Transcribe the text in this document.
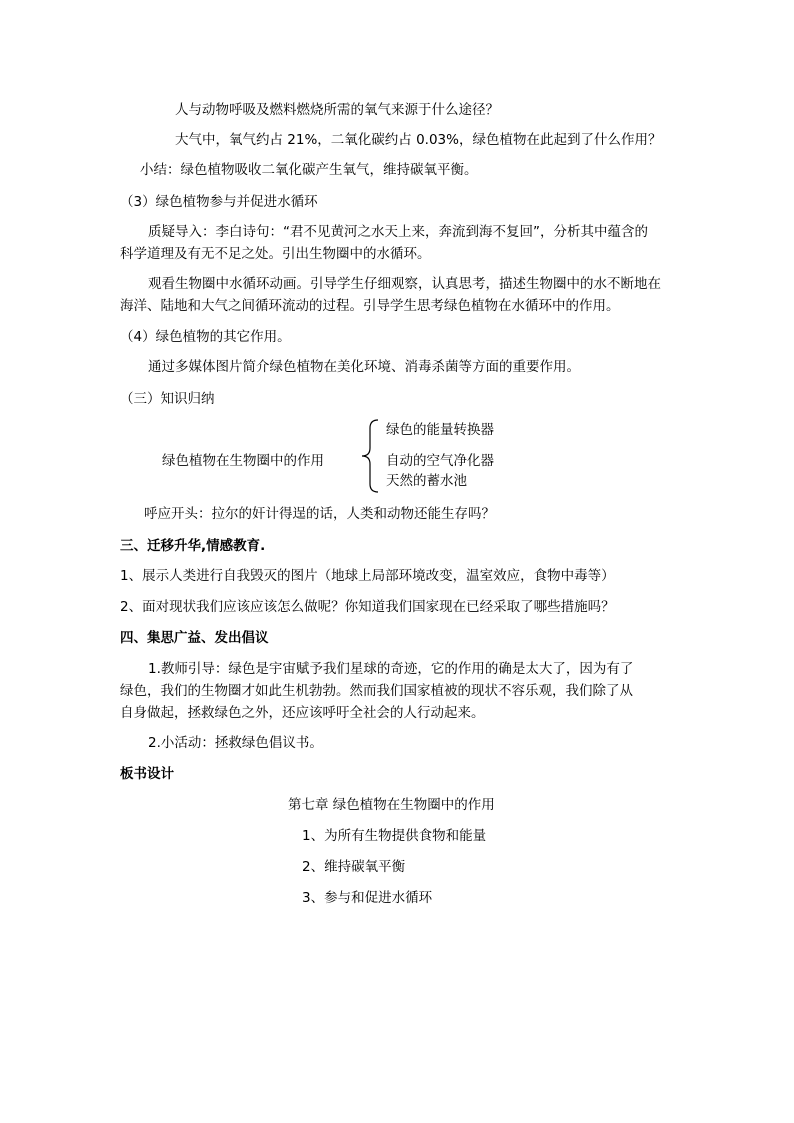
人与动物呼吸及燃料燃烧所需的氧气来源于什么途径？
大气中，氧气约占 21%，二氧化碳约占 0.03%，绿色植物在此起到了什么作用？
小结：绿色植物吸收二氧化碳产生氧气，维持碳氧平衡。
（3）绿色植物参与并促进水循环
质疑导入：李白诗句：“君不见黄河之水天上来，奔流到海不复回”，分析其中蕴含的
科学道理及有无不足之处。引出生物圈中的水循环。
观看生物圈中水循环动画。引导学生仔细观察，认真思考，描述生物圈中的水不断地在
海洋、陆地和大气之间循环流动的过程。引导学生思考绿色植物在水循环中的作用。
（4）绿色植物的其它作用。
通过多媒体图片简介绿色植物在美化环境、消毒杀菌等方面的重要作用。
（三）知识归纳
绿色植物在生物圈中的作用
绿色的能量转换器
自动的空气净化器
天然的蓄水池
呼应开头：拉尔的奸计得逞的话，人类和动物还能生存吗？
三、迁移升华,情感教育.
1、展示人类进行自我毁灭的图片（地球上局部环境改变，温室效应，食物中毒等）
2、面对现状我们应该应该怎么做呢？你知道我们国家现在已经采取了哪些措施吗？
四、集思广益、发出倡议
1.教师引导：绿色是宇宙赋予我们星球的奇迹，它的作用的确是太大了，因为有了
绿色，我们的生物圈才如此生机勃勃。然而我们国家植被的现状不容乐观，我们除了从
自身做起，拯救绿色之外，还应该呼吁全社会的人行动起来。
2.小活动：拯救绿色倡议书。
板书设计
第七章 绿色植物在生物圈中的作用
1、为所有生物提供食物和能量
2、维持碳氧平衡
3、参与和促进水循环
